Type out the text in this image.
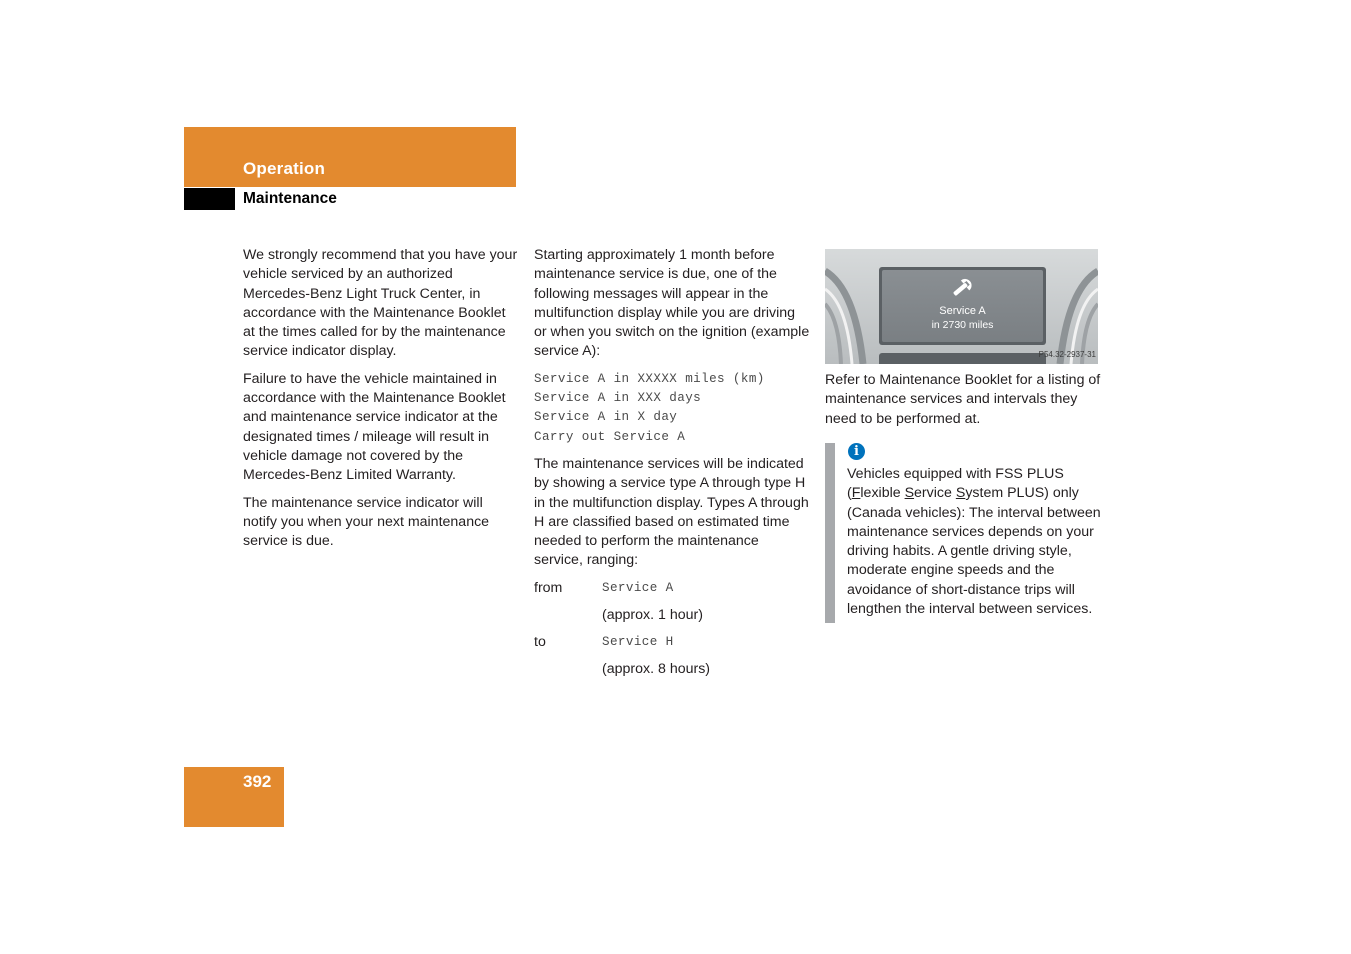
Operation
Maintenance

We strongly recommend that you have your vehicle serviced by an authorized Mercedes-Benz Light Truck Center, in accordance with the Maintenance Booklet at the times called for by the maintenance service indicator display.

Failure to have the vehicle maintained in accordance with the Maintenance Booklet and maintenance service indicator at the designated times / mileage will result in vehicle damage not covered by the Mercedes-Benz Limited Warranty.

The maintenance service indicator will notify you when your next maintenance service is due.

Starting approximately 1 month before maintenance service is due, one of the following messages will appear in the multifunction display while you are driving or when you switch on the ignition (example service A):

Service A in XXXXX miles (km)
Service A in XXX days
Service A in X day
Carry out Service A

The maintenance services will be indicated by showing a service type A through type H in the multifunction display. Types A through H are classified based on estimated time needed to perform the maintenance service, ranging:

from	Service A
(approx. 1 hour)
to	Service H
(approx. 8 hours)
Service A
in 2730 miles
P54.32-2937-31
Refer to Maintenance Booklet for a listing of maintenance services and intervals they need to be performed at.
i
Vehicles equipped with FSS PLUS (Flexible Service System PLUS) only (Canada vehicles): The interval between maintenance services depends on your driving habits. A gentle driving style, moderate engine speeds and the avoidance of short-distance trips will lengthen the interval between services.
392
